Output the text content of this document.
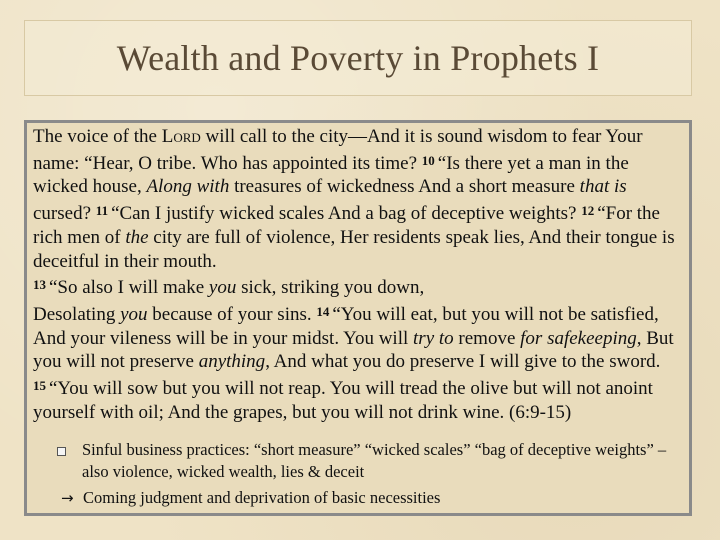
Wealth and Poverty in Prophets I

The voice of the Lord will call to the city—And it is sound wisdom to fear Your name: “Hear, O tribe. Who has appointed its time? $^{10}$ “Is there yet a man in the wicked house, Along with treasures of wickedness And a short measure that is cursed? $^{11}$ “Can I justify wicked scales And a bag of deceptive weights? $^{12}$ “For the rich men of the city are full of violence, Her residents speak lies, And their tongue is deceitful in their mouth.

$^{13}$ “So also I will make you sick, striking you down,

Desolating you because of your sins. $^{14}$ “You will eat, but you will not be satisfied, And your vileness will be in your midst. You will try to remove for safekeeping, But you will not preserve anything, And what you do preserve I will give to the sword. $^{15}$ “You will sow but you will not reap. You will tread the olive but will not anoint yourself with oil; And the grapes, but you will not drink wine. (6:9-15)

Sinful business practices: “short measure” “wicked scales” “bag of deceptive weights” – also violence, wicked wealth, lies & deceit
→ Coming judgment and deprivation of basic necessities
